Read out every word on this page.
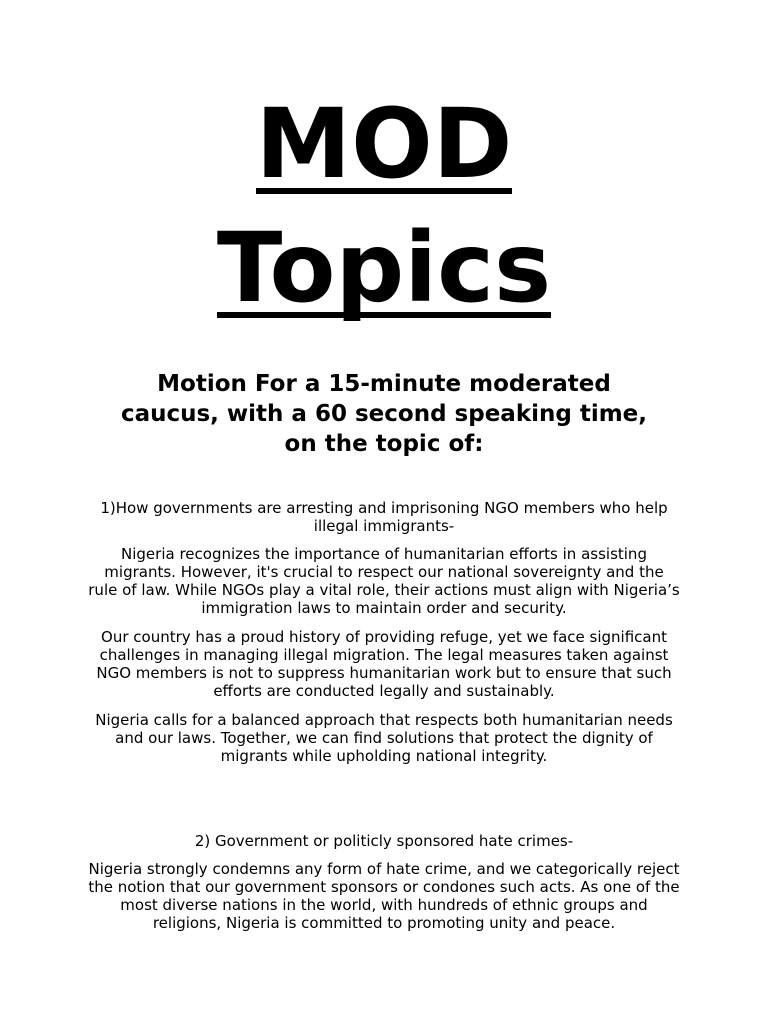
MOD
Topics
Motion For a 15-minute moderated caucus, with a 60 second speaking time, on the topic of:
1)How governments are arresting and imprisoning NGO members who help illegal immigrants-
Nigeria recognizes the importance of humanitarian efforts in assisting migrants. However, it's crucial to respect our national sovereignty and the rule of law. While NGOs play a vital role, their actions must align with Nigeria’s immigration laws to maintain order and security.
Our country has a proud history of providing refuge, yet we face significant challenges in managing illegal migration. The legal measures taken against NGO members is not to suppress humanitarian work but to ensure that such efforts are conducted legally and sustainably.
Nigeria calls for a balanced approach that respects both humanitarian needs and our laws. Together, we can find solutions that protect the dignity of migrants while upholding national integrity.
2) Government or politicly sponsored hate crimes-
Nigeria strongly condemns any form of hate crime, and we categorically reject the notion that our government sponsors or condones such acts. As one of the most diverse nations in the world, with hundreds of ethnic groups and religions, Nigeria is committed to promoting unity and peace.
